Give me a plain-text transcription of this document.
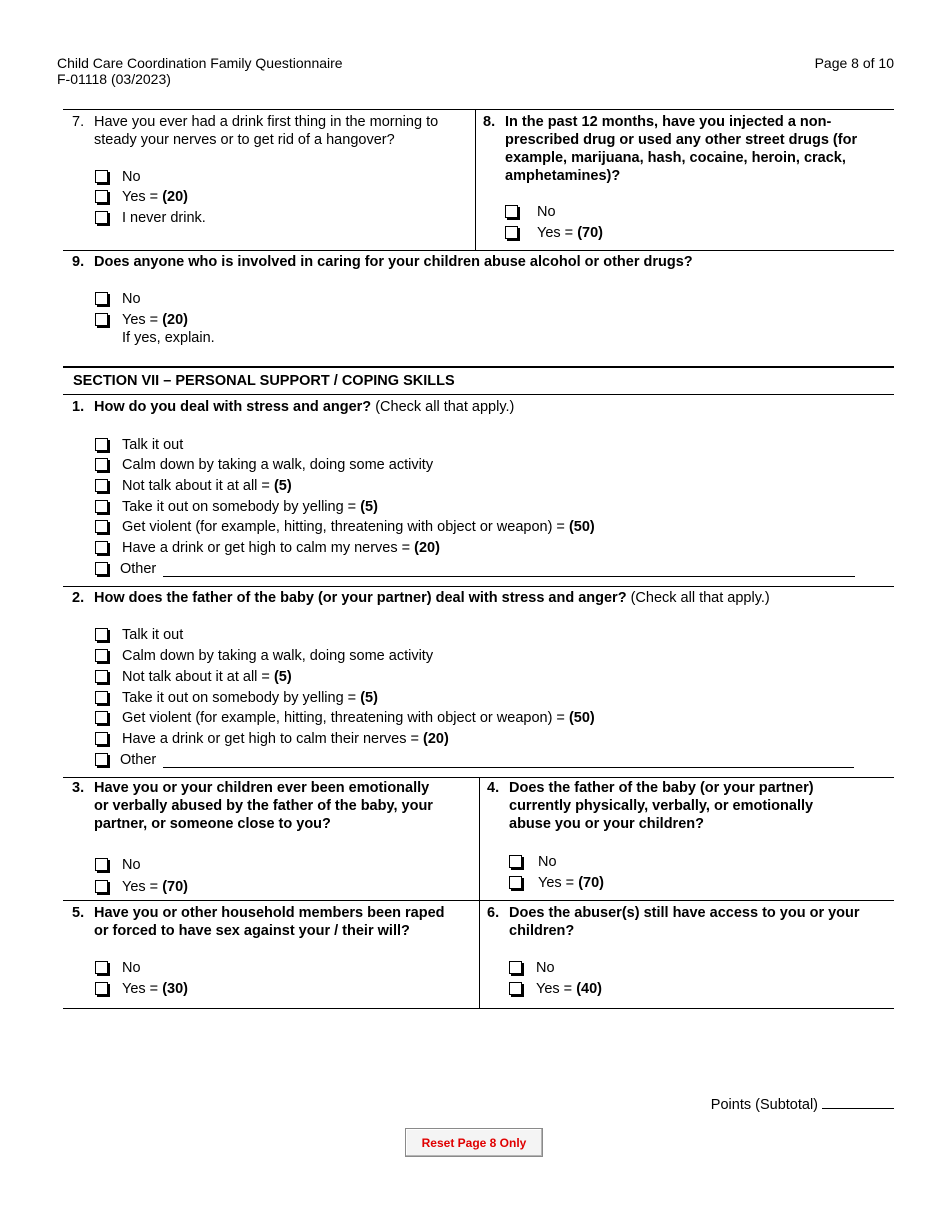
Child Care Coordination Family Questionnaire
F-01118 (03/2023)
Page 8 of 10
7. Have you ever had a drink first thing in the morning to
steady your nerves or to get rid of a hangover?
No
Yes = (20)
I never drink.
8. In the past 12 months, have you injected a non-
prescribed drug or used any other street drugs (for
example, marijuana, hash, cocaine, heroin, crack,
amphetamines)?
No
Yes = (70)
9. Does anyone who is involved in caring for your children abuse alcohol or other drugs?
No
Yes = (20)
If yes, explain.
SECTION VII – PERSONAL SUPPORT / COPING SKILLS
1. How do you deal with stress and anger? (Check all that apply.)
Talk it out
Calm down by taking a walk, doing some activity
Not talk about it at all = (5)
Take it out on somebody by yelling = (5)
Get violent (for example, hitting, threatening with object or weapon) = (50)
Have a drink or get high to calm my nerves = (20)
Other
2. How does the father of the baby (or your partner) deal with stress and anger? (Check all that apply.)
Talk it out
Calm down by taking a walk, doing some activity
Not talk about it at all = (5)
Take it out on somebody by yelling = (5)
Get violent (for example, hitting, threatening with object or weapon) = (50)
Have a drink or get high to calm their nerves = (20)
Other
3. Have you or your children ever been emotionally
or verbally abused by the father of the baby, your
partner, or someone close to you?
No
Yes = (70)
4. Does the father of the baby (or your partner)
currently physically, verbally, or emotionally
abuse you or your children?
No
Yes = (70)
5. Have you or other household members been raped
or forced to have sex against your / their will?
No
Yes = (30)
6. Does the abuser(s) still have access to you or your
children?
No
Yes = (40)
Points (Subtotal)
Reset Page 8 Only
